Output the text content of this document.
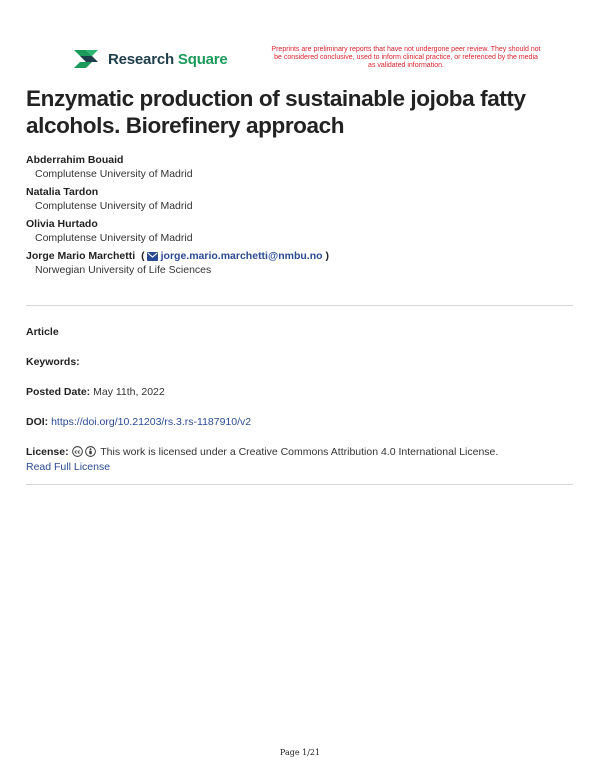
Research Square
Preprints are preliminary reports that have not undergone peer review. They should not be considered conclusive, used to inform clinical practice, or referenced by the media as validated information.
Enzymatic production of sustainable jojoba fatty alcohols. Biorefinery approach
Abderrahim Bouaid
Complutense University of Madrid
Natalia Tardon
Complutense University of Madrid
Olivia Hurtado
Complutense University of Madrid
Jorge Mario Marchetti ( jorge.mario.marchetti@nmbu.no )
Norwegian University of Life Sciences
Article
Keywords:
Posted Date: May 11th, 2022
DOI: https://doi.org/10.21203/rs.3.rs-1187910/v2
License: cc This work is licensed under a Creative Commons Attribution 4.0 International License.
Read Full License
Page 1/21
